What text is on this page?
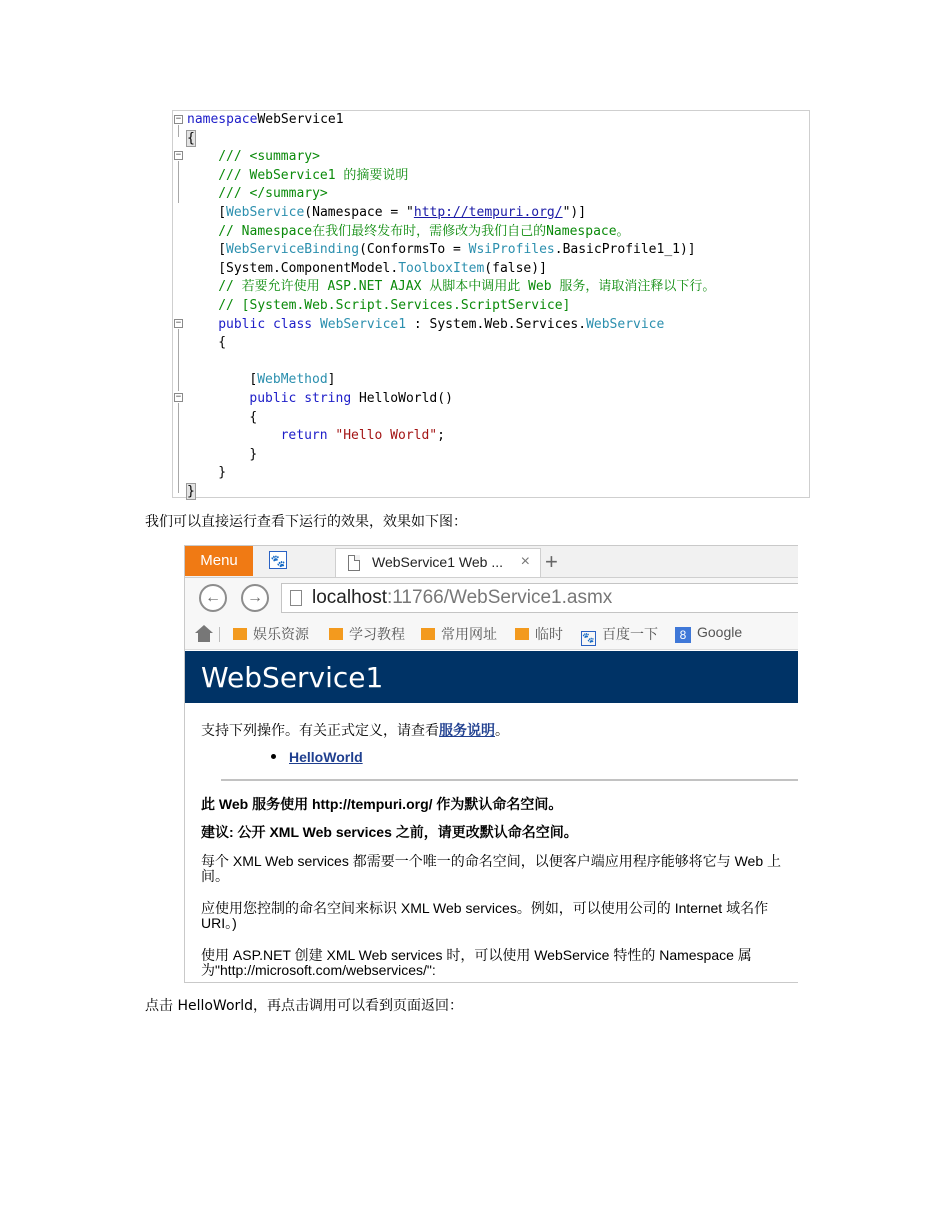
−
−
−
−
namespaceWebService1
{
/// <summary>
/// WebService1 的摘要说明
/// </summary>
[WebService(Namespace = "http://tempuri.org/")]
// Namespace在我们最终发布时，需修改为我们自己的Namespace。
[WebServiceBinding(ConformsTo = WsiProfiles.BasicProfile1_1)]
[System.ComponentModel.ToolboxItem(false)]
// 若要允许使用 ASP.NET AJAX 从脚本中调用此 Web 服务，请取消注释以下行。
// [System.Web.Script.Services.ScriptService]
public class WebService1 : System.Web.Services.WebService
{
[WebMethod]
public string HelloWorld()
{
return "Hello World";
}
}
}
我们可以直接运行查看下运行的效果，效果如下图：
点击 HelloWorld，再点击调用可以看到页面返回：
Menu	🐾	WebService1 Web ... × +
←	→	localhost:11766/WebService1.asmx
娱乐资源	学习教程	常用网址	临时 🐾 百度一下	8 Google
WebService1
支持下列操作。有关正式定义，请查看服务说明。
HelloWorld
此 Web 服务使用 http://tempuri.org/ 作为默认命名空间。
建议: 公开 XML Web services 之前，请更改默认命名空间。
每个 XML Web services 都需要一个唯一的命名空间，以便客户端应用程序能够将它与 Web 上
间。
应使用您控制的命名空间来标识 XML Web services。例如，可以使用公司的 Internet 域名作
URI。)
使用 ASP.NET 创建 XML Web services 时，可以使用 WebService 特性的 Namespace 属
为"http://microsoft.com/webservices/":
